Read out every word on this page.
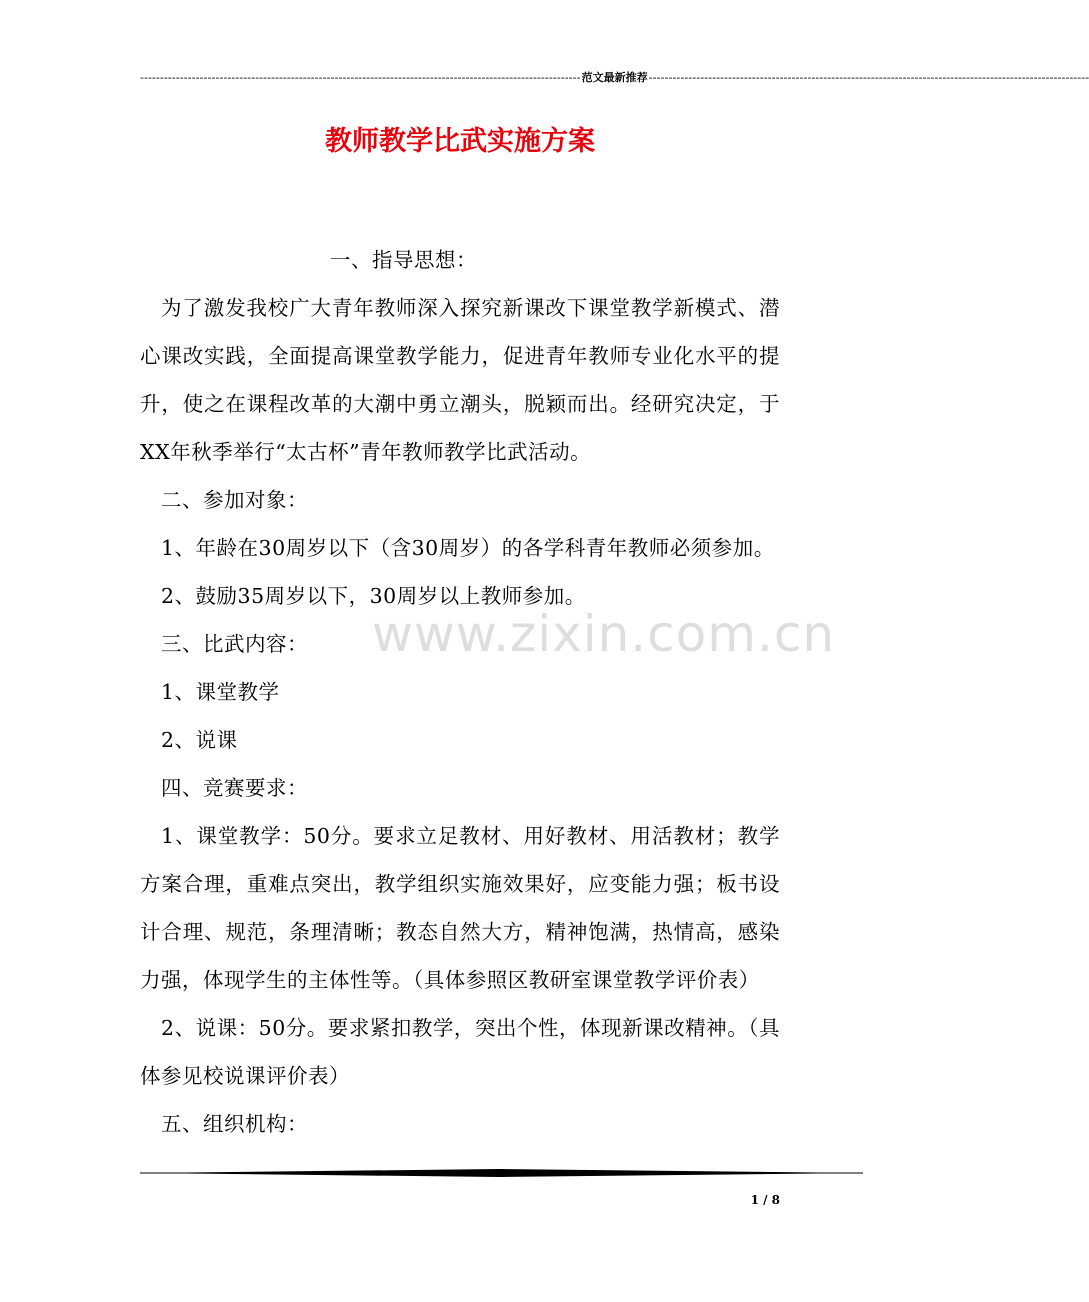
--------------------------------------------------------------------------------------------------------------- 范文最新推荐 ---------------------------------------------------------------------------------------------------------------
教师教学比武实施方案

一、指导思想：

为了激发我校广大青年教师深入探究新课改下课堂教学新模式、潜心课改实践，全面提高课堂教学能力，促进青年教师专业化水平的提升，使之在课程改革的大潮中勇立潮头，脱颖而出。经研究决定，于XX年秋季举行“太古杯”青年教师教学比武活动。

二、参加对象：

1、年龄在30周岁以下（含30周岁）的各学科青年教师必须参加。

2、鼓励35周岁以下，30周岁以上教师参加。

三、比武内容：

1、课堂教学

2、说课

四、竞赛要求：

1、课堂教学：50分。要求立足教材、用好教材、用活教材；教学方案合理，重难点突出，教学组织实施效果好，应变能力强；板书设计合理、规范，条理清晰；教态自然大方，精神饱满，热情高，感染力强，体现学生的主体性等。（具体参照区教研室课堂教学评价表）

2、说课：50分。要求紧扣教学，突出个性，体现新课改精神。（具体参见校说课评价表）

五、组织机构：

www.zixin.com.cn
1 / 8
